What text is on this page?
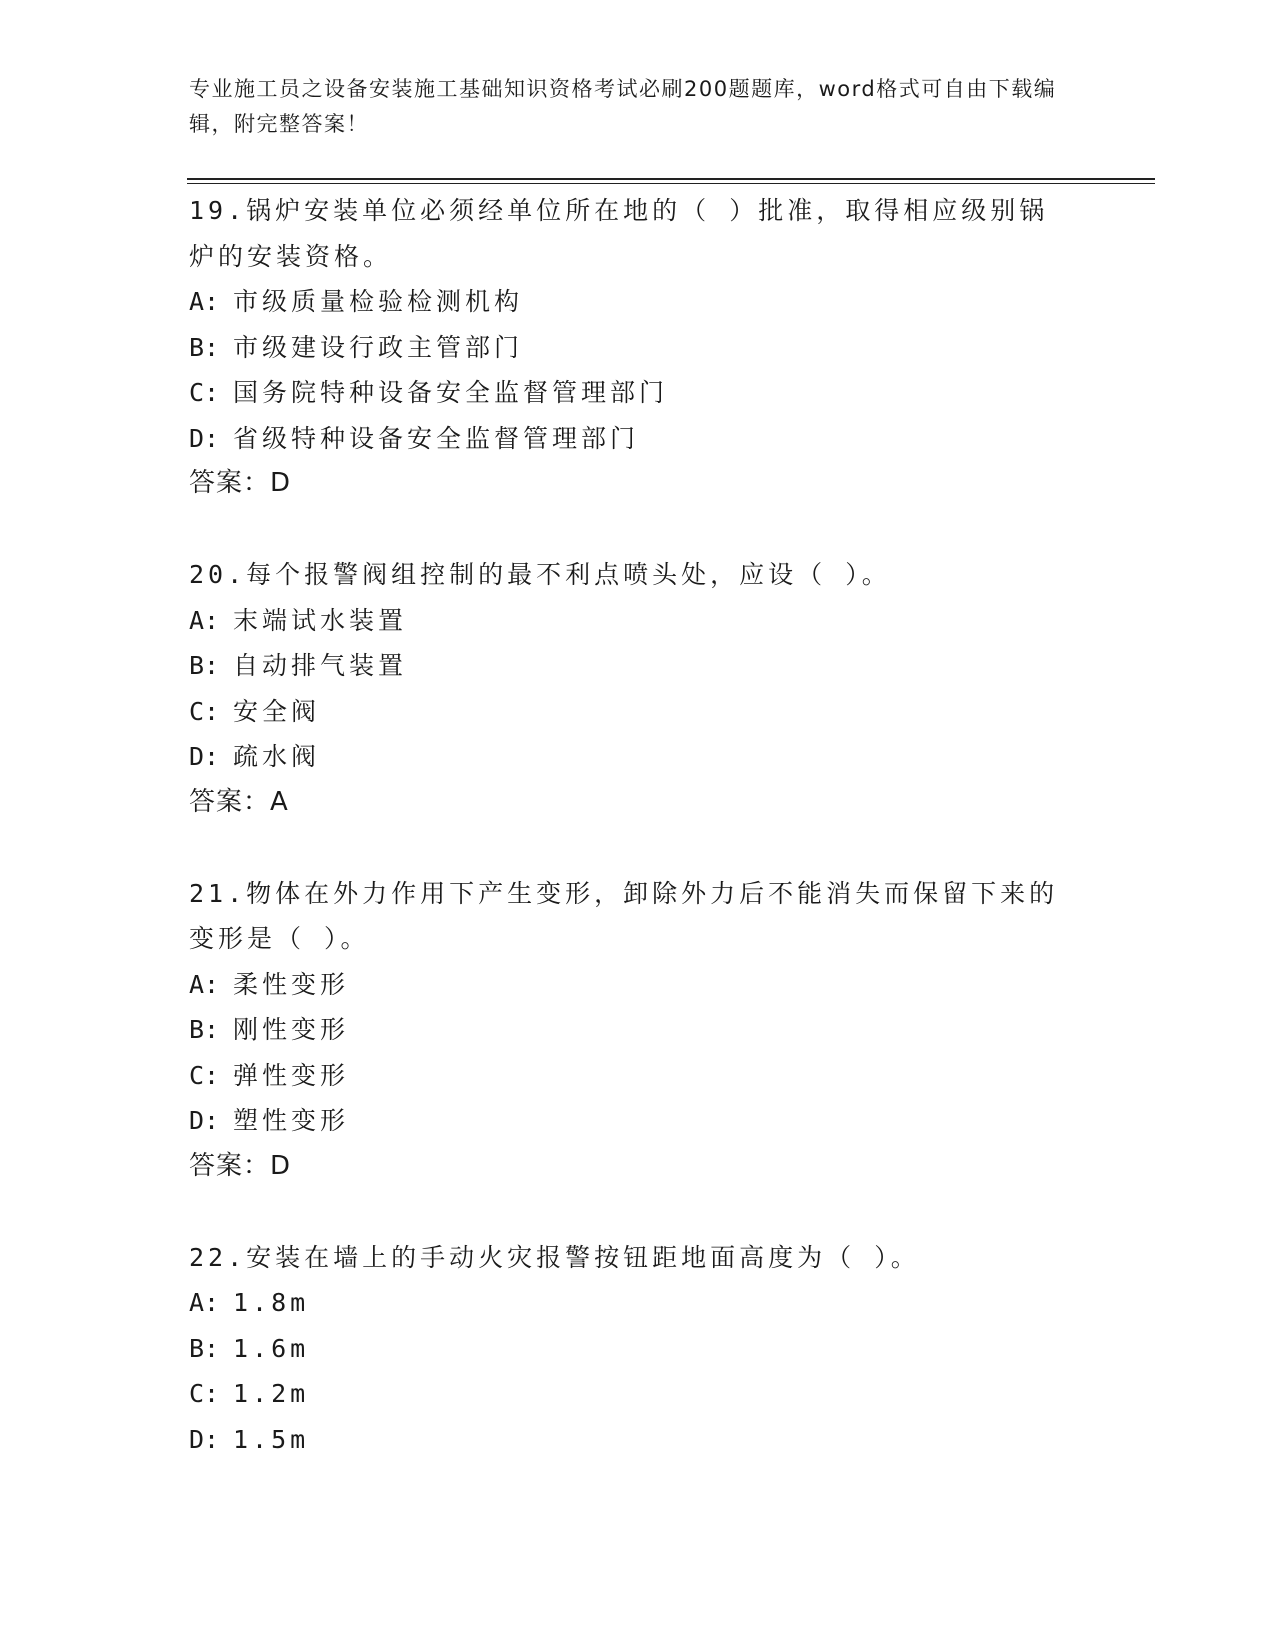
专业施工员之设备安装施工基础知识资格考试必刷200题题库，word格式可自由下载编辑，附完整答案！
19.锅炉安装单位必须经单位所在地的（ ）批准，取得相应级别锅炉的安装资格。
A: 市级质量检验检测机构
B: 市级建设行政主管部门
C: 国务院特种设备安全监督管理部门
D: 省级特种设备安全监督管理部门
答案：D
20.每个报警阀组控制的最不利点喷头处，应设（ ）。
A: 末端试水装置
B: 自动排气装置
C: 安全阀
D: 疏水阀
答案：A
21.物体在外力作用下产生变形，卸除外力后不能消失而保留下来的变形是（ ）。
A: 柔性变形
B: 刚性变形
C: 弹性变形
D: 塑性变形
答案：D
22.安装在墙上的手动火灾报警按钮距地面高度为（ ）。
A: 1.8m
B: 1.6m
C: 1.2m
D: 1.5m
